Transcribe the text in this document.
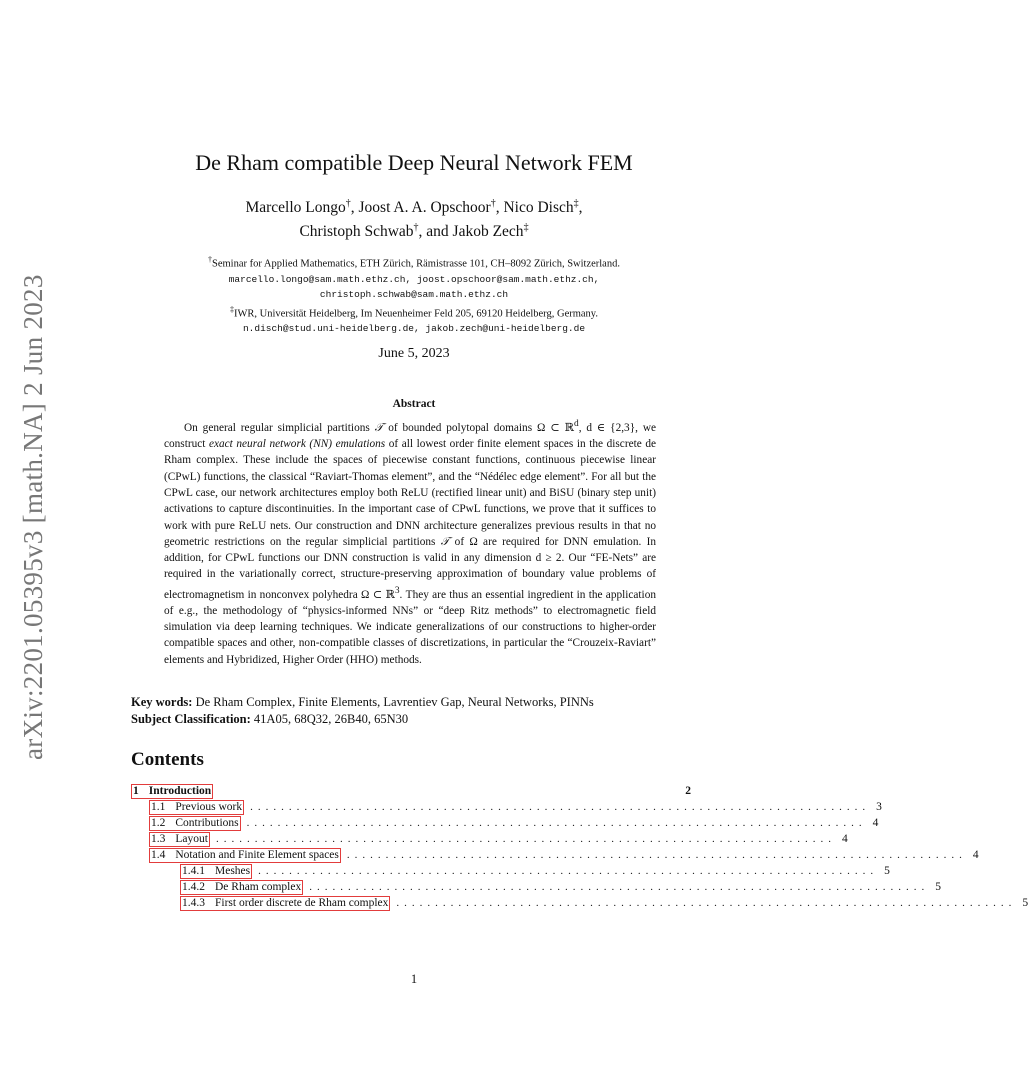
arXiv:2201.05395v3 [math.NA] 2 Jun 2023
De Rham compatible Deep Neural Network FEM
Marcello Longo†, Joost A. A. Opschoor†, Nico Disch‡,
Christoph Schwab†, and Jakob Zech‡
†Seminar for Applied Mathematics, ETH Zürich, Rämistrasse 101, CH–8092 Zürich, Switzerland.
marcello.longo@sam.math.ethz.ch, joost.opschoor@sam.math.ethz.ch,
christoph.schwab@sam.math.ethz.ch
‡IWR, Universität Heidelberg, Im Neuenheimer Feld 205, 69120 Heidelberg, Germany.
n.disch@stud.uni-heidelberg.de, jakob.zech@uni-heidelberg.de
June 5, 2023
Abstract
On general regular simplicial partitions 𝒯 of bounded polytopal domains Ω ⊂ ℝ$^d$, d ∈ {2,3}, we construct exact neural network (NN) emulations of all lowest order finite element spaces in the discrete de Rham complex. These include the spaces of piecewise constant functions, continuous piecewise linear (CPwL) functions, the classical “Raviart-Thomas element”, and the “Nédélec edge element”. For all but the CPwL case, our network architectures employ both ReLU (rectified linear unit) and BiSU (binary step unit) activations to capture discontinuities. In the important case of CPwL functions, we prove that it suffices to work with pure ReLU nets. Our construction and DNN architecture generalizes previous results in that no geometric restrictions on the regular simplicial partitions 𝒯 of Ω are required for DNN emulation. In addition, for CPwL functions our DNN construction is valid in any dimension d ≥ 2. Our “FE-Nets” are required in the variationally correct, structure-preserving approximation of boundary value problems of electromagnetism in nonconvex polyhedra Ω ⊂ ℝ$^3$. They are thus an essential ingredient in the application of e.g., the methodology of “physics-informed NNs” or “deep Ritz methods” to electromagnetic field simulation via deep learning techniques. We indicate generalizations of our constructions to higher-order compatible spaces and other, non-compatible classes of discretizations, in particular the “Crouzeix-Raviart” elements and Hybridized, Higher Order (HHO) methods.
Key words: De Rham Complex, Finite Elements, Lavrentiev Gap, Neural Networks, PINNs
Subject Classification: 41A05, 68Q32, 26B40, 65N30
Contents
1 Introduction	2
1.1 Previous work ................................................................................ 3
1.2 Contributions ................................................................................ 4
1.3 Layout ................................................................................ 4
1.4 Notation and Finite Element spaces ................................................................................ 4
1.4.1 Meshes ................................................................................ 5
1.4.2 De Rham complex ................................................................................ 5
1.4.3 First order discrete de Rham complex ................................................................................ 5
1
